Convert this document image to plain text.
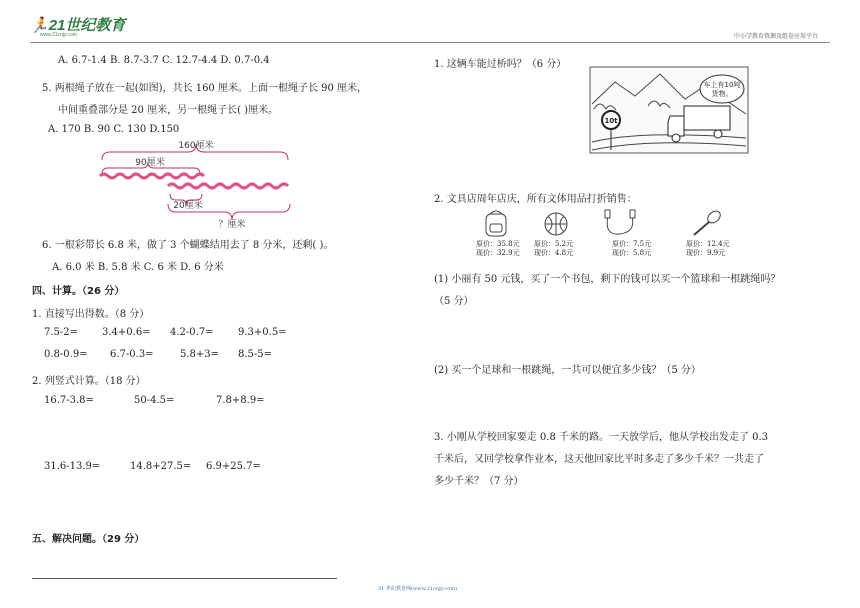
🏃21世纪教育
www.21cnjy.com	中小学教育资源及组卷应用平台
A. 6.7-1.4 B. 8.7-3.7 C. 12.7-4.4 D. 0.7-0.4
5. 两根绳子放在一起(如图)，共长 160 厘米。上面一根绳子长 90 厘米，
中间重叠部分是 20 厘米，另一根绳子长( )厘米。
A. 170 B. 90 C. 130 D.150
160厘米
90厘米
20厘米
？厘米
6. 一根彩带长 6.8 米，做了 3 个蝴蝶结用去了 8 分米，还剩( )。
A. 6.0 米 B. 5.8 米 C. 6 米 D. 6 分米
四、计算。（26 分）
1. 直接写出得数。（8 分）
7.5-2= 3.4+0.6= 4.2-0.7= 9.3+0.5=
0.8-0.9= 6.7-0.3=	5.8+3= 8.5-5=
2. 列竖式计算。（18 分）
16.7-3.8=	50-4.5=	7.8+8.9=
31.6-13.9=	14.8+27.5= 6.9+25.7=
五、解决问题。（29 分）
1. 这辆车能过桥吗？（6 分）
车上有10吨
货物。
10t
2. 文具店周年店庆，所有文体用品打折销售：
原价：35.8元
现价：32.9元
原价：5.2元
现价：4.8元
原价：7.5元
现价：5.8元
原价：12.4元
现价：9.9元
(1) 小丽有 50 元钱，买了一个书包，剩下的钱可以买一个篮球和一根跳绳吗？
（5 分）
(2) 买一个足球和一根跳绳，一共可以便宜多少钱？（5 分）
3. 小刚从学校回家要走 0.8 千米的路。一天放学后，他从学校出发走了 0.3
千米后，又回学校拿作业本，这天他回家比平时多走了多少千米？一共走了
多少千米？（7 分）
21 世纪教育网(www.21cnjy.com)
